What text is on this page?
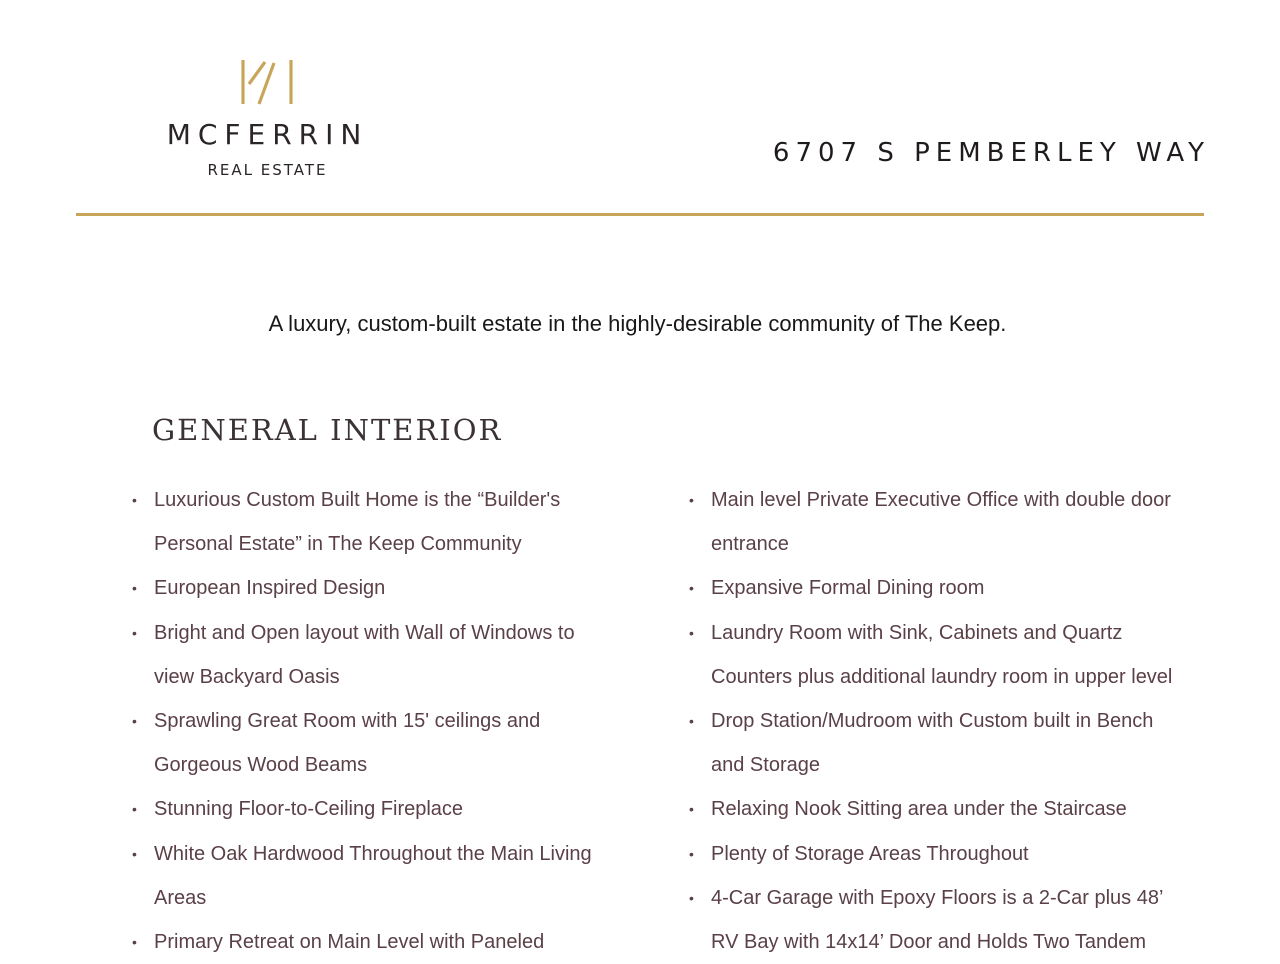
MCFERRIN
REAL ESTATE
6707 S PEMBERLEY WAY
A luxury, custom-built estate in the highly-desirable community of The Keep.
GENERAL INTERIOR
• Luxurious Custom Built Home is the “Builder's Personal Estate” in The Keep Community
• European Inspired Design
• Bright and Open layout with Wall of Windows to view Backyard Oasis
• Sprawling Great Room with 15' ceilings and Gorgeous Wood Beams
• Stunning Floor-to-Ceiling Fireplace
• White Oak Hardwood Throughout the Main Living Areas
• Primary Retreat on Main Level with Paneled
• Main level Private Executive Office with double door entrance
• Expansive Formal Dining room
• Laundry Room with Sink, Cabinets and Quartz Counters plus additional laundry room in upper level
• Drop Station/Mudroom with Custom built in Bench and Storage
• Relaxing Nook Sitting area under the Staircase
• Plenty of Storage Areas Throughout
• 4-Car Garage with Epoxy Floors is a 2-Car plus 48’ RV Bay with 14x14’ Door and Holds Two Tandem
